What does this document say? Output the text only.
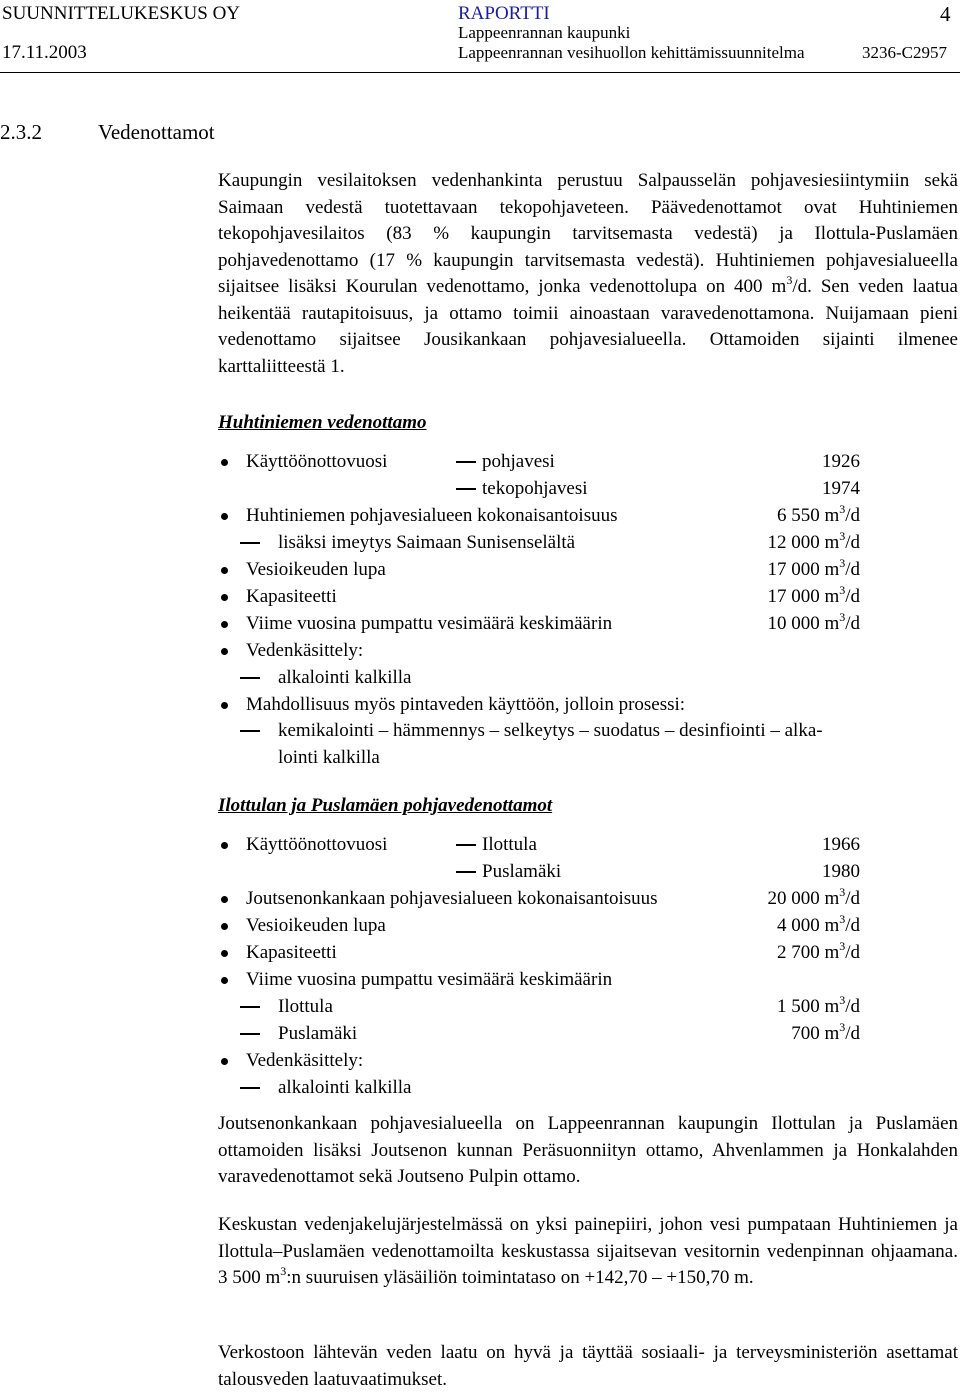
SUUNNITTELUKESKUS OY
17.11.2003
RAPORTTI
Lappeenrannan kaupunki
Lappeenrannan vesihuollon kehittämissuunnitelma	3236-C2957
4
2.3.2	Vedenottamot

Kaupungin vesilaitoksen vedenhankinta perustuu Salpausselän pohjavesiesiintymiin sekä Saimaan vedestä tuotettavaan tekopohjaveteen. Päävedenottamot ovat Huhtiniemen tekopohjavesilaitos (83 % kaupungin tarvitsemasta vedestä) ja Ilottula-Puslamäen pohjavedenottamo (17 % kaupungin tarvitsemasta vedestä). Huhtiniemen pohjavesialueella sijaitsee lisäksi Kourulan vedenottamo, jonka vedenottolupa on 400 $m^3/d$. Sen veden laatua heikentää rautapitoisuus, ja ottamo toimii ainoastaan varavedenottamona. Nuijamaan pieni vedenottamo sijaitsee Jousikankaan pohjavesialueella. Ottamoiden sijainti ilmenee karttaliitteestä 1.

Huhtiniemen vedenottamo
Käyttöönottovuosi	pohjavesi	1926
tekopohjavesi	1974
Huhtiniemen pohjavesialueen kokonaisantoisuus	6 550 $m^3/d$
lisäksi imeytys Saimaan Sunisenselältä	12 000 $m^3/d$
Vesioikeuden lupa	17 000 $m^3/d$
Kapasiteetti	17 000 $m^3/d$
Viime vuosina pumpattu vesimäärä keskimäärin	10 000 $m^3/d$
Vedenkäsittely:
alkalointi kalkilla
Mahdollisuus myös pintaveden käyttöön, jolloin prosessi:
kemikalointi – hämmennys – selkeytys – suodatus – desinfiointi – alka-
lointi kalkilla
Ilottulan ja Puslamäen pohjavedenottamot
Käyttöönottovuosi	Ilottula	1966
Puslamäki	1980
Joutsenonkankaan pohjavesialueen kokonaisantoisuus	20 000 $m^3/d$
Vesioikeuden lupa	4 000 $m^3/d$
Kapasiteetti	2 700 $m^3/d$
Viime vuosina pumpattu vesimäärä keskimäärin
Ilottula	1 500 $m^3/d$
Puslamäki	700 $m^3/d$
Vedenkäsittely:
alkalointi kalkilla

Joutsenonkankaan pohjavesialueella on Lappeenrannan kaupungin Ilottulan ja Puslamäen ottamoiden lisäksi Joutsenon kunnan Peräsuonniityn ottamo, Ahvenlammen ja Honkalahden varavedenottamot sekä Joutseno Pulpin ottamo.

Keskustan vedenjakelujärjestelmässä on yksi painepiiri, johon vesi pumpataan Huhtiniemen ja Ilottula–Puslamäen vedenottamoilta keskustassa sijaitsevan vesitornin vedenpinnan ohjaamana. 3 500 $m^3:n$ suuruisen yläsäiliön toimintataso on +142,70 – +150,70 m.

Verkostoon lähtevän veden laatu on hyvä ja täyttää sosiaali- ja terveysministeriön asettamat talousveden laatuvaatimukset.
